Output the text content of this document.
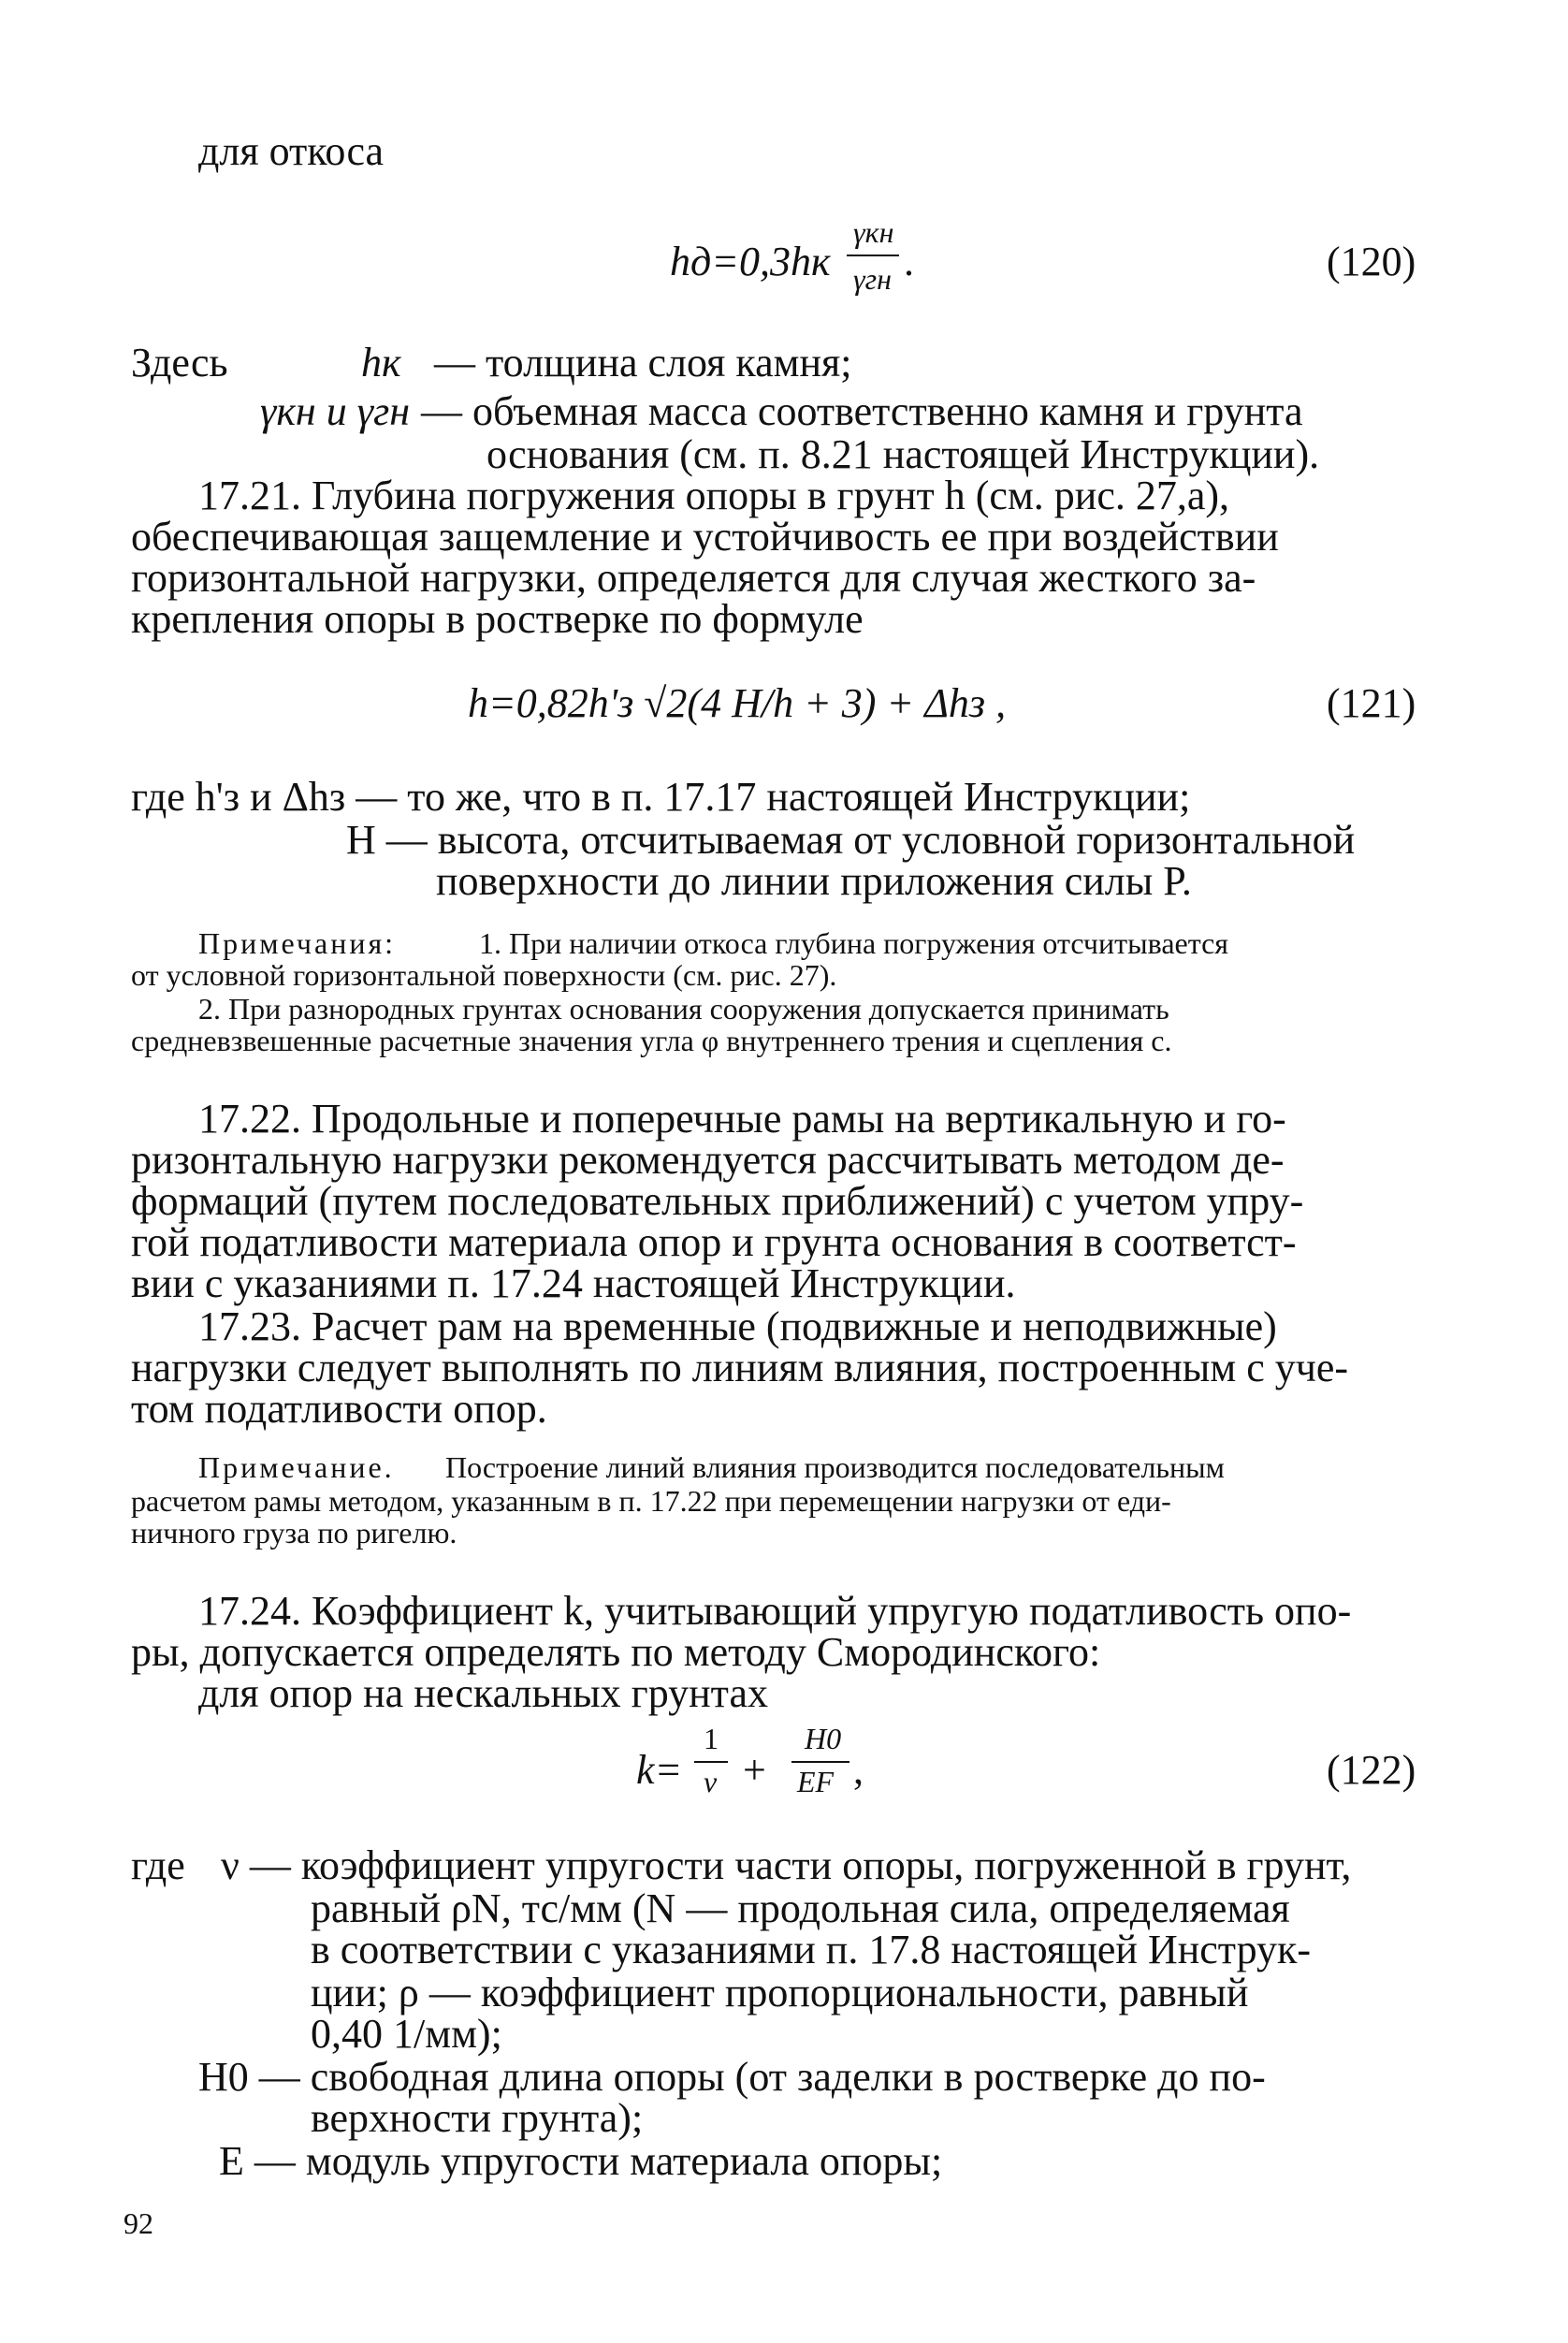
для откоса
hд=0,3hк
γкн
γгн .	(120)
Здесь	hк — толщина слоя камня;
γкн и γгн — объемная масса соответственно камня и грунта
основания (см. п. 8.21 настоящей Инструкции).
17.21. Глубина погружения опоры в грунт h (см. рис. 27,а),
обеспечивающая защемление и устойчивость ее при воздействии
горизонтальной нагрузки, определяется для случая жесткого за-
крепления опоры в ростверке по формуле
h=0,82h'з √2(4 H/h + 3) + Δhз ,	(121)
где h'з и Δhз — то же, что в п. 17.17 настоящей Инструкции;
H — высота, отсчитываемая от условной горизонтальной
поверхности до линии приложения силы P.
Примечания:	1. При наличии откоса глубина погружения отсчитывается
от условной горизонтальной поверхности (см. рис. 27).
2. При разнородных грунтах основания сооружения допускается принимать
средневзвешенные расчетные значения угла φ внутреннего трения и сцепления c.
17.22. Продольные и поперечные рамы на вертикальную и го-
ризонтальную нагрузки рекомендуется рассчитывать методом де-
формаций (путем последовательных приближений) с учетом упру-
гой податливости материала опор и грунта основания в соответст-
вии с указаниями п. 17.24 настоящей Инструкции.
17.23. Расчет рам на временные (подвижные и неподвижные)
нагрузки следует выполнять по линиям влияния, построенным с уче-
том податливости опор.
Примечание. Построение линий влияния производится последовательным
расчетом рамы методом, указанным в п. 17.22 при перемещении нагрузки от еди-
ничного груза по ригелю.
17.24. Коэффициент k, учитывающий упругую податливость опо-
ры, допускается определять по методу Смородинского:
для опор на нескальных грунтах
k=
1
ν +
H0
EF ,	(122)
где ν — коэффициент упругости части опоры, погруженной в грунт,
равный ρN, тс/мм (N — продольная сила, определяемая
в соответствии с указаниями п. 17.8 настоящей Инструк-
ции; ρ — коэффициент пропорциональности, равный
0,40 1/мм);
H0 — свободная длина опоры (от заделки в ростверке до по-
верхности грунта);
E — модуль упругости материала опоры;
92
